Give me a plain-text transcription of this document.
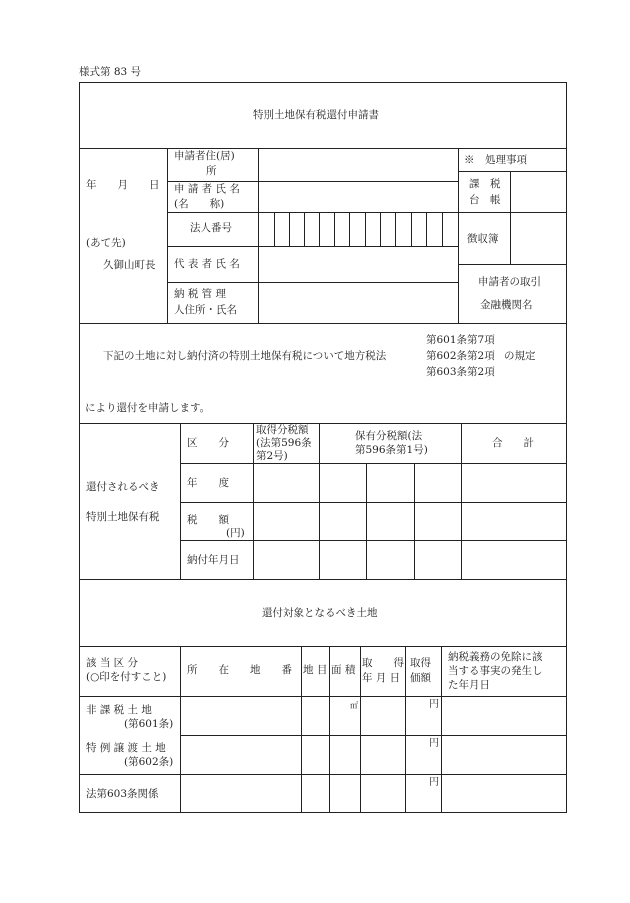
様式第 83 号
特別土地保有税還付申請書
年　　月　　日
(あて先)
久御山町長
申請者住(居)
所
申 請 者 氏 名
(名　　称)
法人番号
代 表 者 氏 名
納 税 管 理
人住所・氏名
※　処理事項
課　税
台　帳
徴収簿
申請者の取引
金融機関名
第601条第7項
下記の土地に対し納付済の特別土地保有税について地方税法	第602条第2項 の規定
第603条第2項
により還付を申請します。
還付されるべき
特別土地保有税
区　　分
取得分税額
(法第596条
第2号)
保有分税額(法
第596条第1号)
合　　計
年　　度
税　　額
(円)
納付年月日
還付対象となるべき土地
該 当 区 分
(○印を付すこと)
所　　在　　地　　番 地 目 面 積
取　　得
年 月 日
取得
価額
納税義務の免除に該
当する事実の発生し
た年月日
非 課 税 土 地
(第601条)
特 例 譲 渡 土 地
(第602条)
法第603条関係
㎡	円
円
円
